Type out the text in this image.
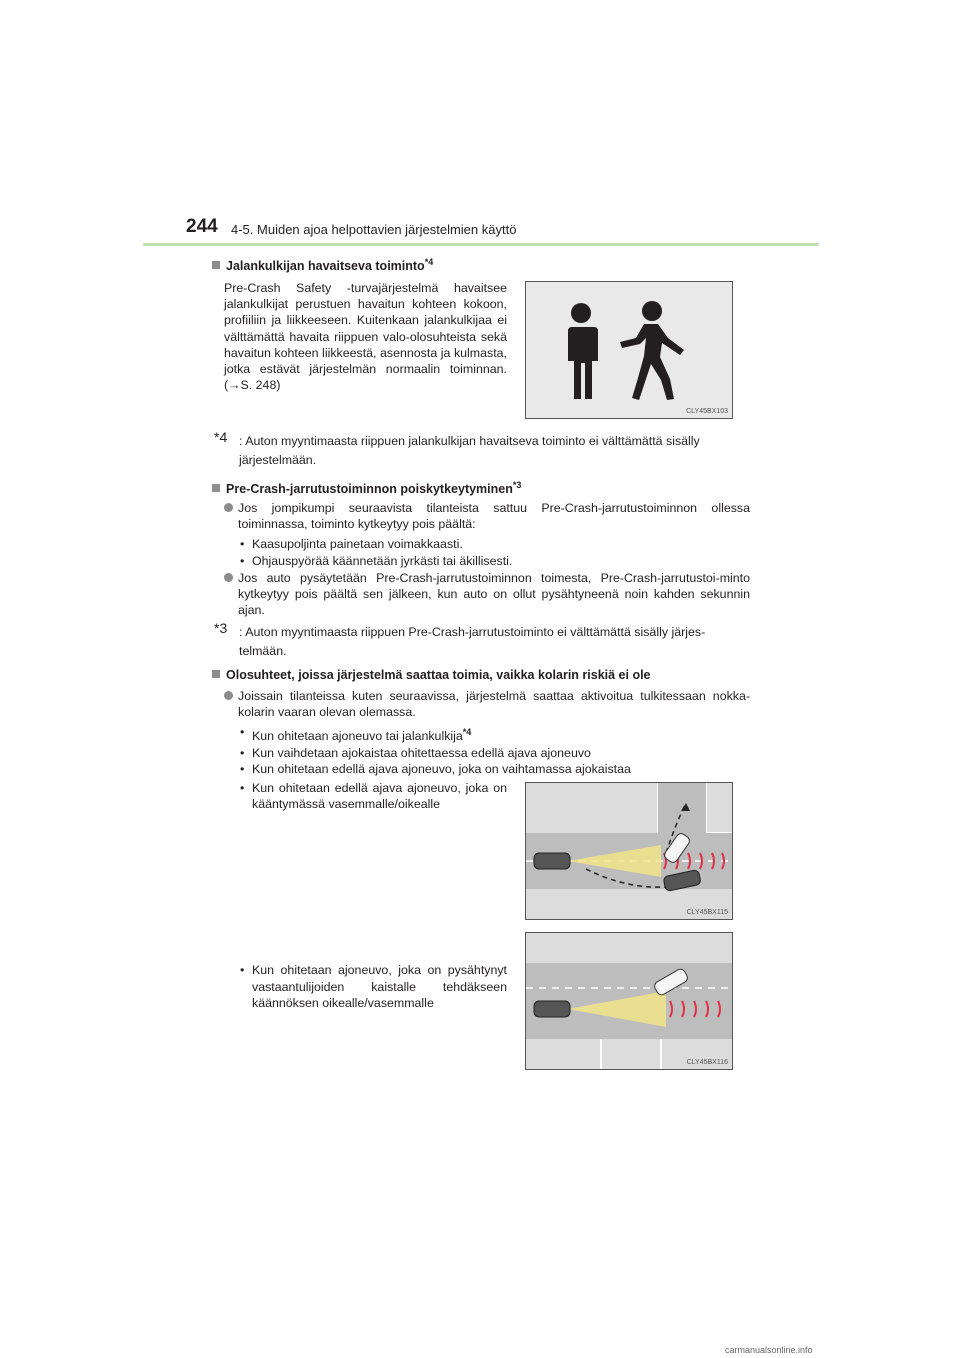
244 4-5. Muiden ajoa helpottavien järjestelmien käyttö
Jalankulkijan havaitseva toiminto$^{*4}$
Pre-Crash Safety -turvajärjestelmä havaitsee jalankulkijat perustuen havaitun kohteen kokoon, profiiliin ja liikkeeseen. Kuitenkaan jalankulkijaa ei välttämättä havaita riippuen valo-olosuhteista sekä havaitun kohteen liikkeestä, asennosta ja kulmasta, jotka estävät järjestelmän normaalin toiminnan. (→S. 248)
CLY45BX103
*4 : Auton myyntimaasta riippuen jalankulkijan havaitseva toiminto ei välttämättä sisälly järjestelmään.
Pre-Crash-jarrutustoiminnon poiskytkeytyminen$^{*3}$
Jos jompikumpi seuraavista tilanteista sattuu Pre-Crash-jarrutustoiminnon ollessa toiminnassa, toiminto kytkeytyy pois päältä:
• Kaasupoljinta painetaan voimakkaasti.
• Ohjauspyörää käännetään jyrkästi tai äkillisesti.
Jos auto pysäytetään Pre-Crash-jarrutustoiminnon toimesta, Pre-Crash-jarrutustoi-minto kytkeytyy pois päältä sen jälkeen, kun auto on ollut pysähtyneenä noin kahden sekunnin ajan.
*3 : Auton myyntimaasta riippuen Pre-Crash-jarrutustoiminto ei välttämättä sisälly järjes-telmään.
Olosuhteet, joissa järjestelmä saattaa toimia, vaikka kolarin riskiä ei ole
Joissain tilanteissa kuten seuraavissa, järjestelmä saattaa aktivoitua tulkitessaan nokka-kolarin vaaran olevan olemassa.
• Kun ohitetaan ajoneuvo tai jalankulkija$^{*4}$
• Kun vaihdetaan ajokaistaa ohitettaessa edellä ajava ajoneuvo
• Kun ohitetaan edellä ajava ajoneuvo, joka on vaihtamassa ajokaistaa
• Kun ohitetaan edellä ajava ajoneuvo, joka on kääntymässä vasemmalle/oikealle
CLY45BX115
• Kun ohitetaan ajoneuvo, joka on pysähtynyt vastaantulijoiden kaistalle tehdäkseen käännöksen oikealle/vasemmalle
CLY45BX116
carmanualsonline.info
